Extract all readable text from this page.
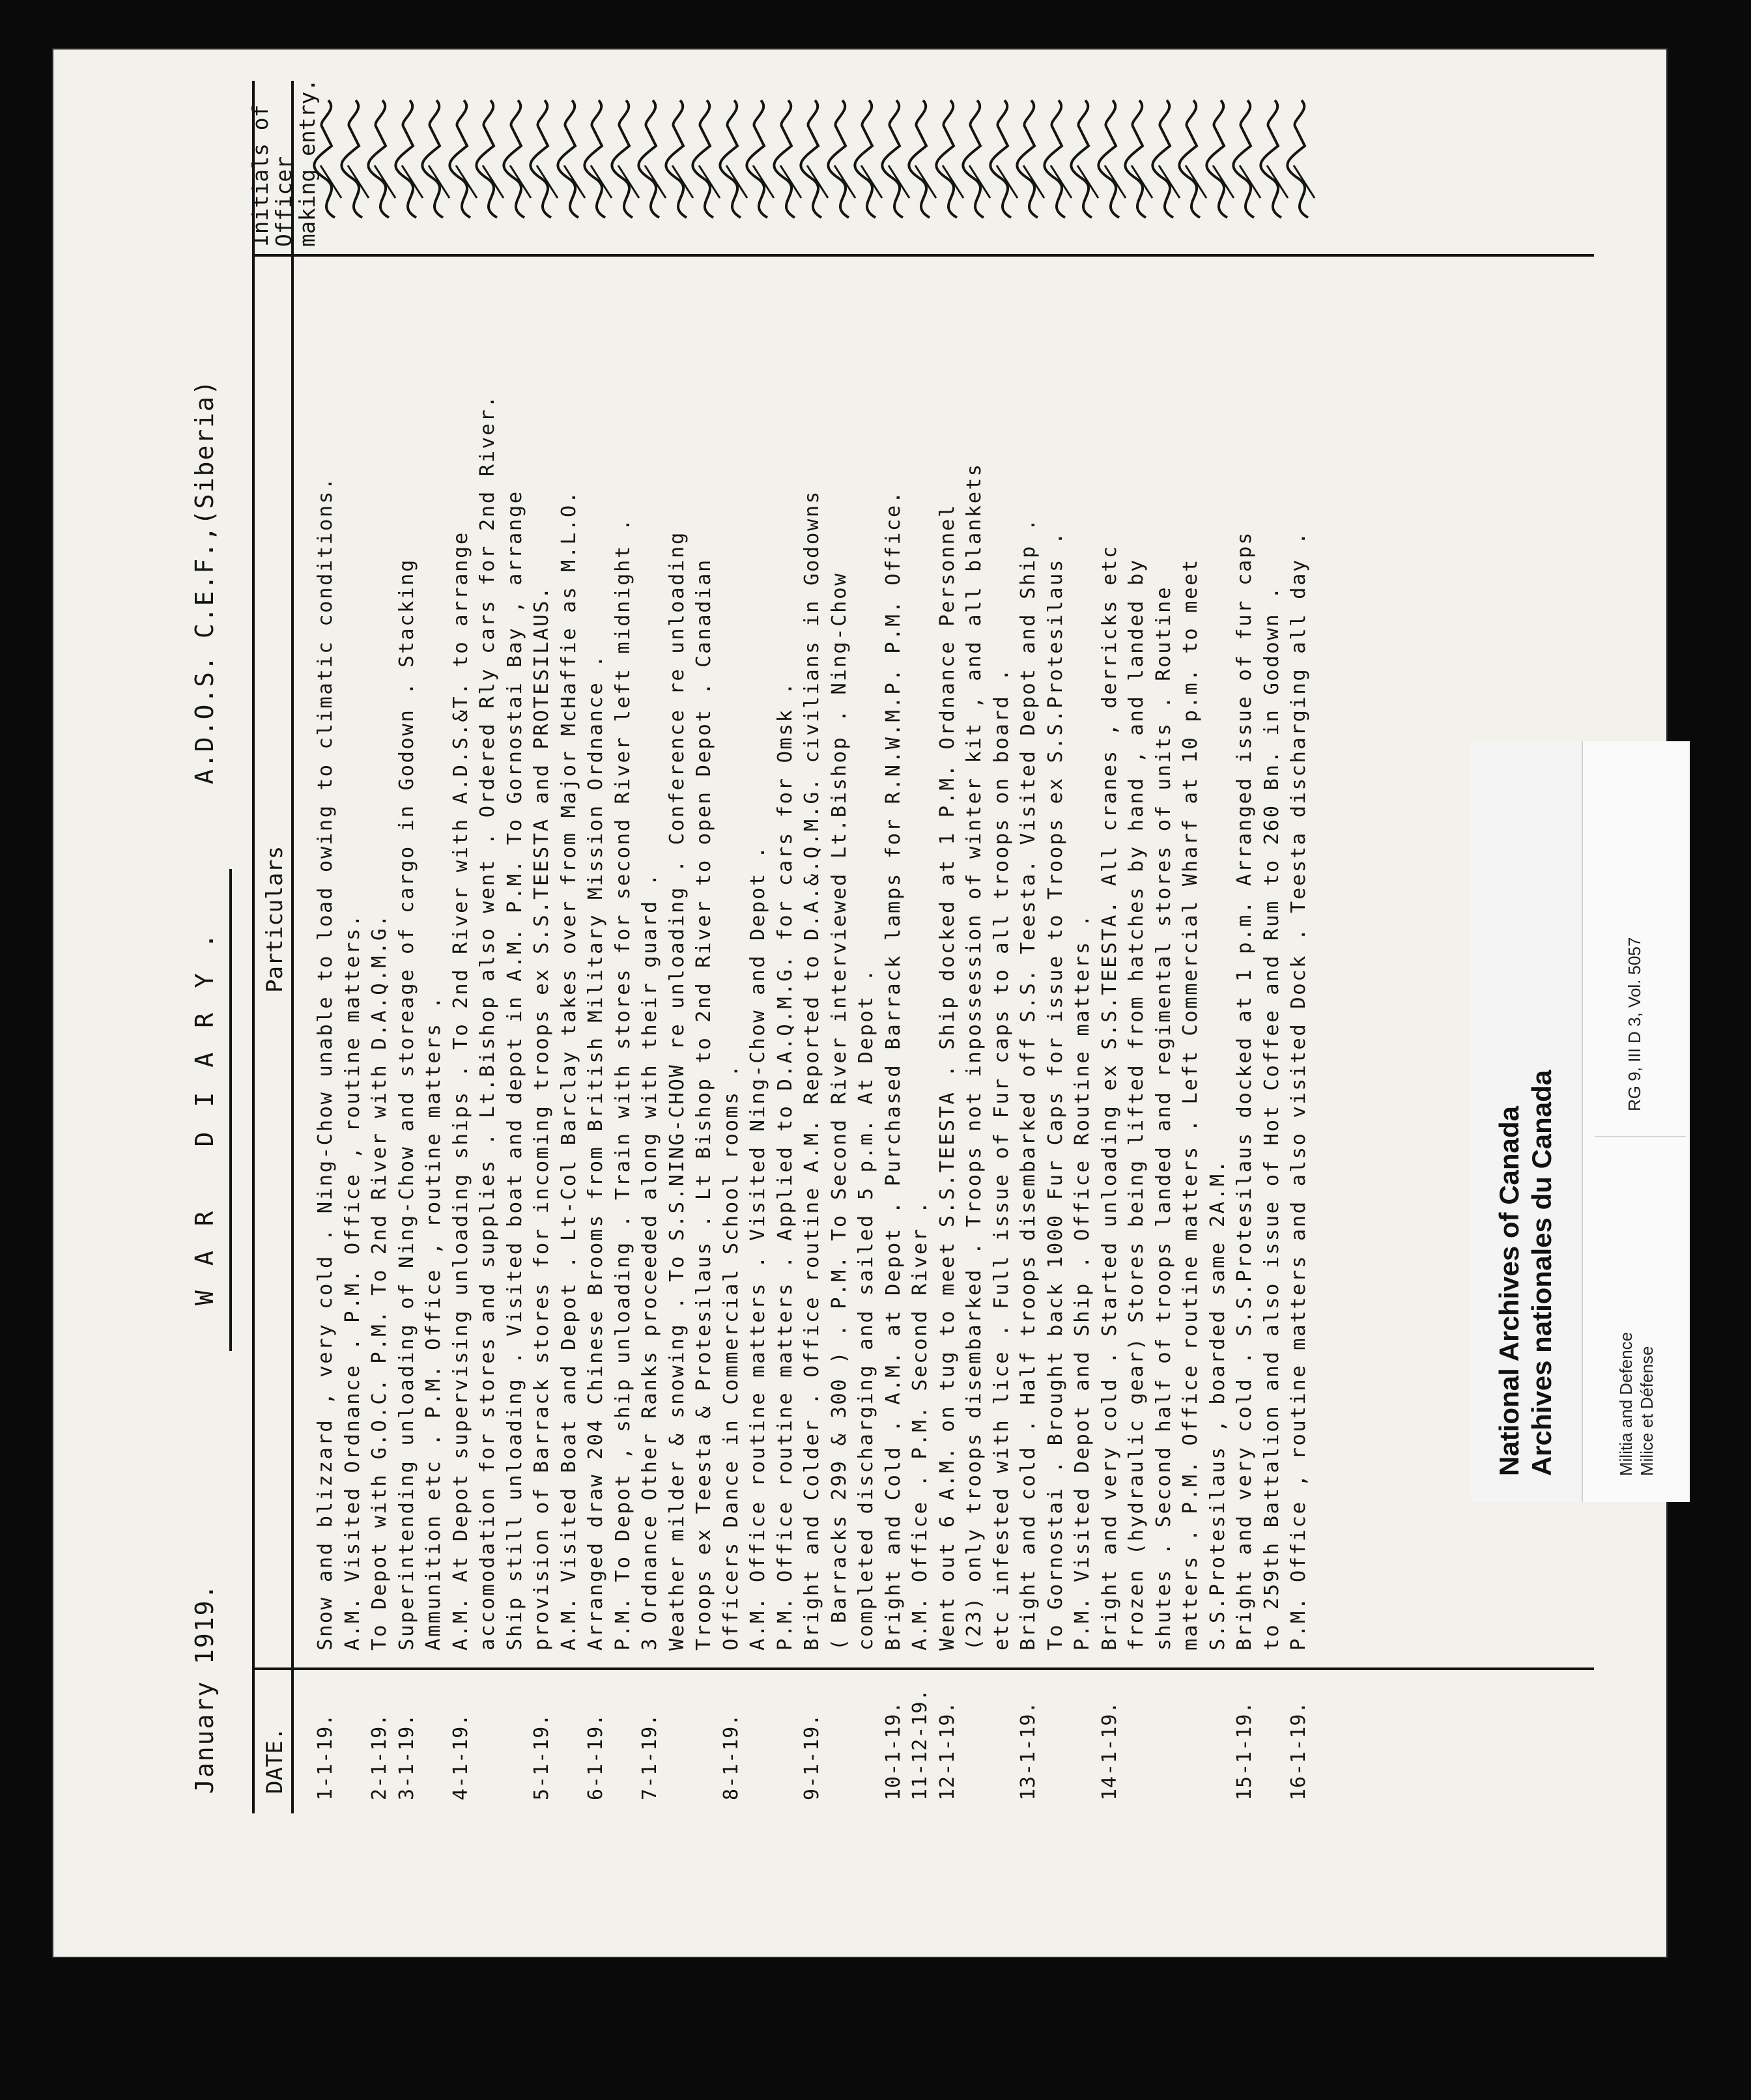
January 1919.
WAR DIARY.
A.D.O.S. C.E.F.,(Siberia)
DATE.
Particulars
Initials of Officer
making entry.
1-1-19.
Snow and blizzard , very cold . Ning-Chow unable to load owing to climatic conditions. A.M. Visited Ordnance . P.M. Office , routine matters.
2-1-19.
To Depot with G.O.C. P.M. To 2nd River with D.A.Q.M.G.
3-1-19.
Superintending unloading of Ning-Chow and storeage of cargo in Godown . Stacking Ammunition etc . P.M. Office , routine matters .
4-1-19.
A.M. At Depot supervising unloading ships . To 2nd River with A.D.S.&T. to arrange accomodation for stores and supplies . Lt.Bishop also went . Ordered Rly cars for 2nd River. Ship still unloading . Visited boat and depot in A.M. P.M. To Gornostai Bay , arrange
5-1-19.
provision of Barrack stores for incoming troops ex S.S.TEESTA and PROTESILAUS. A.M. Visited Boat and Depot . Lt-Col Barclay takes over from Major McHaffie as M.L.O.
6-1-19.
Arranged draw 204 Chinese Brooms from British Military Mission Ordnance . P.M. To Depot , ship unloading . Train with stores for second River left midnight .
7-1-19.
3 Ordnance Other Ranks proceeded along with their guard . Weather milder & snowing . To S.S.NING-CHOW re unloading . Conference re unloading Troops ex Teesta & Protesilaus . Lt Bishop to 2nd River to open Depot . Canadian
8-1-19.
Officers Dance in Commercial School rooms . A.M. Office routine matters . Visited Ning-Chow and Depot . P.M. Office routine matters . Applied to D.A.Q.M.G. for cars for Omsk .
9-1-19.
Bright and Colder . Office routine A.M. Reported to D.A.&.Q.M.G. civilians in Godowns ( Barracks 299 & 300 ) . P.M. To Second River interviewed Lt.Bishop . Ning-Chow completed discharging and sailed 5 p.m. At Depot .
10-1-19.
Bright and Cold . A.M. at Depot . Purchased Barrack lamps for R.N.W.M.P. P.M. Office.
11-12-19.
A.M. Office . P.M. Second River .
12-1-19.
Went out 6 A.M. on tug to meet S.S.TEESTA . Ship docked at 1 P.M. Ordnance Personnel (23) only troops disembarked . Troops not inpossession of winter kit , and all blankets etc infested with lice . Full issue of Fur caps to all troops on board .
13-1-19.
Bright and cold . Half troops disembarked off S.S. Teesta. Visited Depot and Ship . To Gornostai . Brought back 1000 Fur Caps for issue to Troops ex S.S.Protesilaus . P.M. Visited Depot and Ship . Office Routine matters .
14-1-19.
Bright and very cold . Started unloading ex S.S.TEESTA. All cranes , derricks etc frozen (hydraulic gear) Stores being lifted from hatches by hand , and landed by shutes . Second half of troops landed and regimental stores of units . Routine matters . P.M. Office routine matters . Left Commercial Wharf at 10 p.m. to meet S.S.Protesilaus , boarded same 2A.M.
15-1-19.
Bright and very cold . S.S.Protesilaus docked at 1 p.m. Arranged issue of fur caps to 259th Battalion and also issue of Hot Coffee and Rum to 260 Bn. in Godown .
16-1-19.
P.M. Office , routine matters and also visited Dock . Teesta discharging all day .	National Archives of Canada Archives nationales du Canada	Militia and Defence Milice et Défense
RG 9, III D 3, Vol. 5057
